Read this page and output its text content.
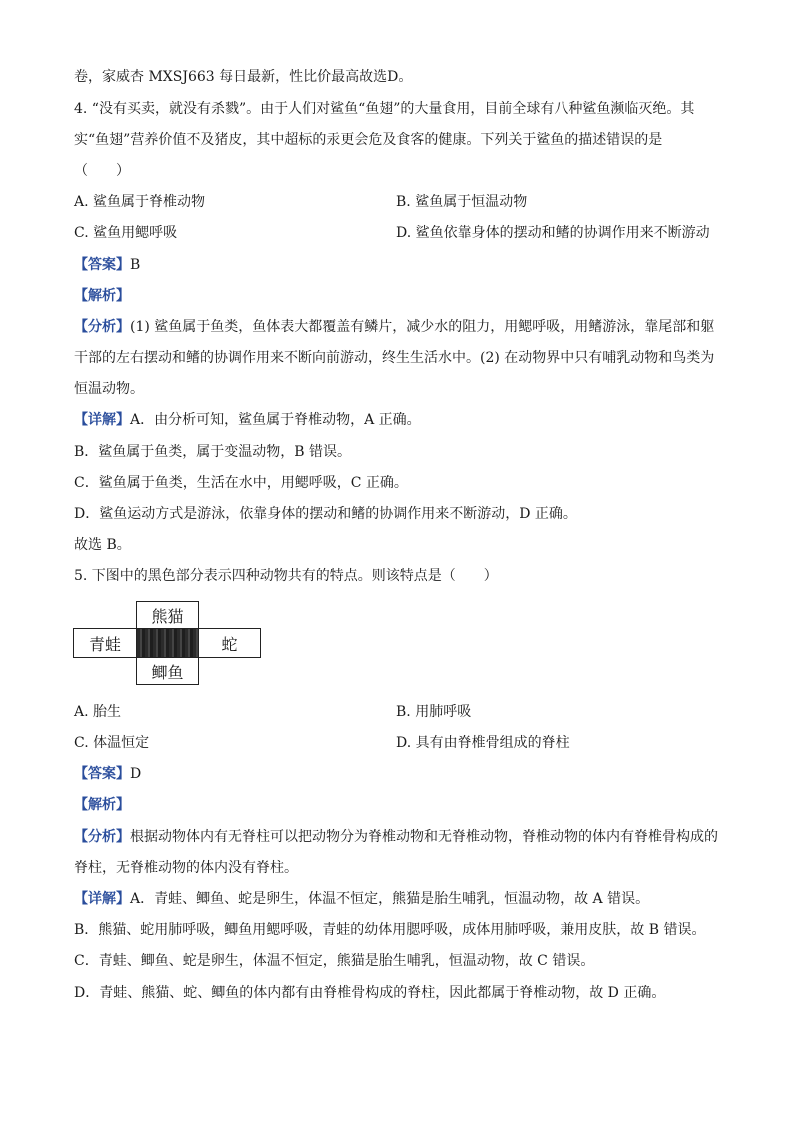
卷，家威杏 MXSJ663 每日最新，性比价最高故选D。
4. “没有买卖，就没有杀戮”。由于人们对鲨鱼“鱼翅”的大量食用，目前全球有八种鲨鱼濒临灭绝。其
实“鱼翅”营养价值不及猪皮，其中超标的汞更会危及食客的健康。下列关于鲨鱼的描述错误的是
（　　）
A. 鲨鱼属于脊椎动物	B. 鲨鱼属于恒温动物
C. 鲨鱼用鳃呼吸	D. 鲨鱼依靠身体的摆动和鳍的协调作用来不断游动
【答案】B
【解析】
【分析】(1) 鲨鱼属于鱼类，鱼体表大都覆盖有鳞片，减少水的阻力，用鳃呼吸，用鳍游泳，靠尾部和躯
干部的左右摆动和鳍的协调作用来不断向前游动，终生生活水中。(2) 在动物界中只有哺乳动物和鸟类为
恒温动物。
【详解】A．由分析可知，鲨鱼属于脊椎动物，A 正确。
B．鲨鱼属于鱼类，属于变温动物，B 错误。
C．鲨鱼属于鱼类，生活在水中，用鳃呼吸，C 正确。
D．鲨鱼运动方式是游泳，依靠身体的摆动和鳍的协调作用来不断游动，D 正确。
故选 B。
5. 下图中的黑色部分表示四种动物共有的特点。则该特点是（　　）
熊猫
青蛙	蛇
鲫鱼
A. 胎生	B. 用肺呼吸
C. 体温恒定	D. 具有由脊椎骨组成的脊柱
【答案】D
【解析】
【分析】根据动物体内有无脊柱可以把动物分为脊椎动物和无脊椎动物，脊椎动物的体内有脊椎骨构成的
脊柱，无脊椎动物的体内没有脊柱。
【详解】A．青蛙、鲫鱼、蛇是卵生，体温不恒定，熊猫是胎生哺乳，恒温动物，故 A 错误。
B．熊猫、蛇用肺呼吸，鲫鱼用鳃呼吸，青蛙的幼体用腮呼吸，成体用肺呼吸，兼用皮肤，故 B 错误。
C．青蛙、鲫鱼、蛇是卵生，体温不恒定，熊猫是胎生哺乳，恒温动物，故 C 错误。
D．青蛙、熊猫、蛇、鲫鱼的体内都有由脊椎骨构成的脊柱，因此都属于脊椎动物，故 D 正确。
